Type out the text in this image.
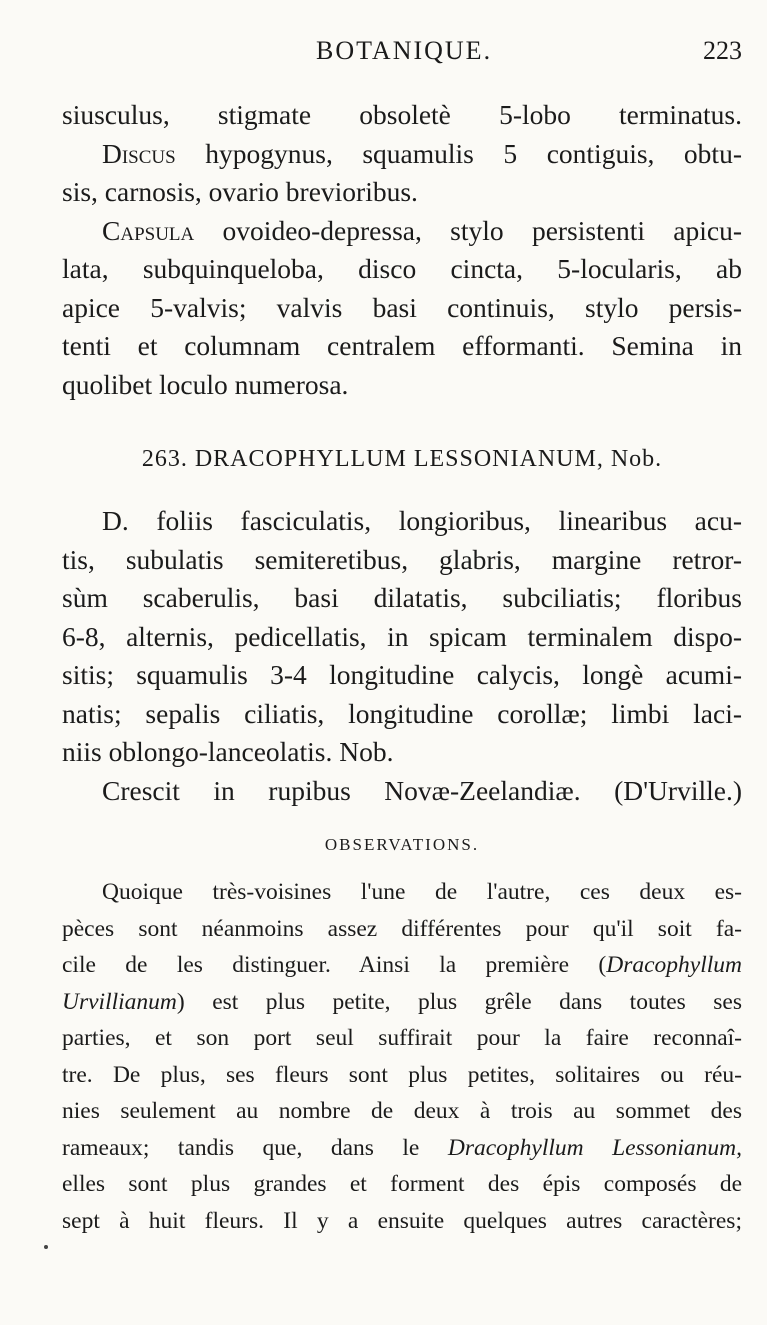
BOTANIQUE.	223
siusculus, stigmate obsoletè 5-lobo terminatus.
Discus hypogynus, squamulis 5 contiguis, obtu-
sis, carnosis, ovario brevioribus.
Capsula ovoideo-depressa, stylo persistenti apicu-
lata, subquinqueloba, disco cincta, 5-locularis, ab
apice 5-valvis; valvis basi continuis, stylo persis-
tenti et columnam centralem efformanti. Semina in
quolibet loculo numerosa.
263. DRACOPHYLLUM LESSONIANUM, Nob.
D. foliis fasciculatis, longioribus, linearibus acu-
tis, subulatis semiteretibus, glabris, margine retror-
sùm scaberulis, basi dilatatis, subciliatis; floribus
6-8, alternis, pedicellatis, in spicam terminalem dispo-
sitis; squamulis 3-4 longitudine calycis, longè acumi-
natis; sepalis ciliatis, longitudine corollæ; limbi laci-
niis oblongo-lanceolatis. Nob.
Crescit in rupibus Novæ-Zeelandiæ. (D'Urville.)
OBSERVATIONS.
Quoique très-voisines l'une de l'autre, ces deux es-
pèces sont néanmoins assez différentes pour qu'il soit fa-
cile de les distinguer. Ainsi la première (Dracophyllum
Urvillianum) est plus petite, plus grêle dans toutes ses
parties, et son port seul suffirait pour la faire reconnaî-
tre. De plus, ses fleurs sont plus petites, solitaires ou réu-
nies seulement au nombre de deux à trois au sommet des
rameaux; tandis que, dans le Dracophyllum Lessonianum,
elles sont plus grandes et forment des épis composés de
sept à huit fleurs. Il y a ensuite quelques autres caractères;
